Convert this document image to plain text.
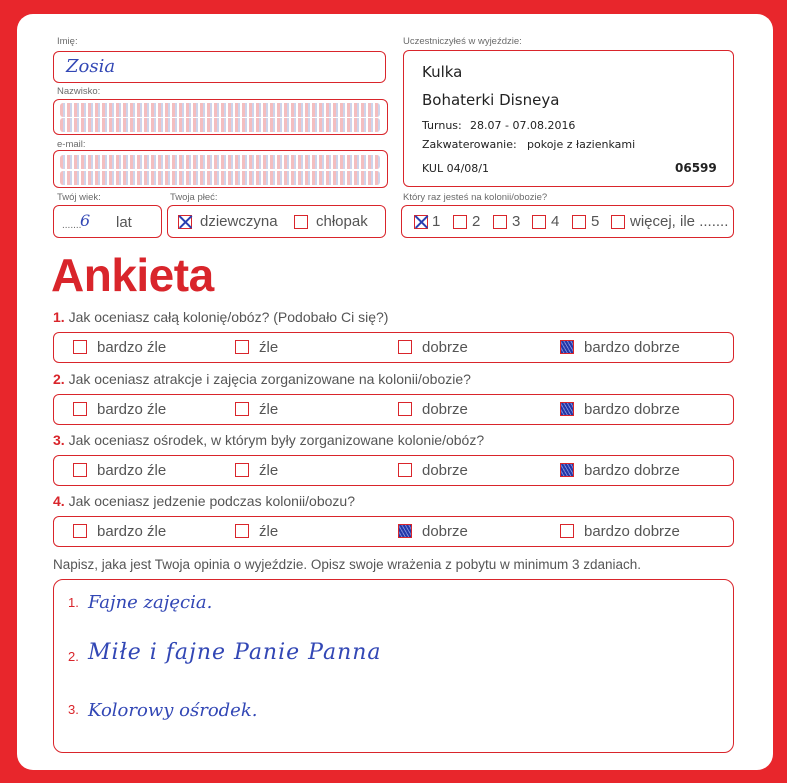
Imię:
Zosia
Nazwisko:
e-mail:
Twój wiek:
.......
6 lat
Twoja płeć:
dziewczyna	chłopak
Uczestniczyłeś w wyjeździe:
Kulka
Bohaterki Disneya
Turnus: 28.07 - 07.08.2016
Zakwaterowanie: pokoje z łazienkami
KUL 04/08/1	06599
Który raz jesteś na kolonii/obozie?
1 2 3 4 5 więcej, ile .......
Ankieta
1. Jak oceniasz całą kolonię/obóz? (Podobało Ci się?)
bardzo źle	źle	dobrze	bardzo dobrze
2. Jak oceniasz atrakcje i zajęcia zorganizowane na kolonii/obozie?
bardzo źle	źle	dobrze	bardzo dobrze
3. Jak oceniasz ośrodek, w którym były zorganizowane kolonie/obóz?
bardzo źle	źle	dobrze	bardzo dobrze
4. Jak oceniasz jedzenie podczas kolonii/obozu?
bardzo źle	źle	dobrze	bardzo dobrze
Napisz, jaka jest Twoja opinia o wyjeździe. Opisz swoje wrażenia z pobytu w minimum 3 zdaniach.
1. Fajne zajęcia.
2. Miłe i fajne Panie Panna
3. Kolorowy ośrodek.
